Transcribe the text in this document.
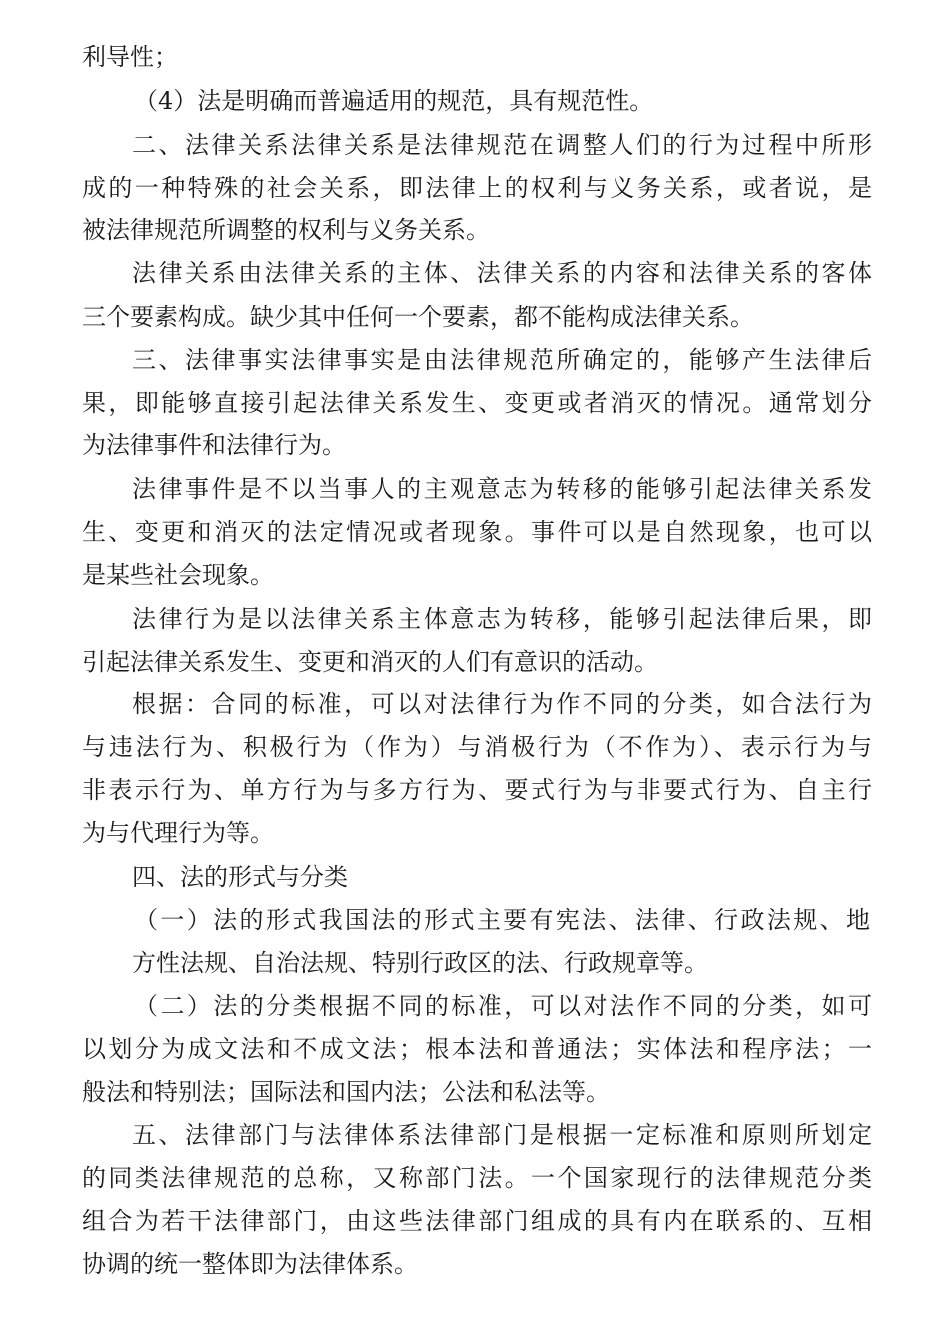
利导性；
（4）法是明确而普遍适用的规范，具有规范性。
二、法律关系法律关系是法律规范在调整人们的行为过程中所形
成的一种特殊的社会关系，即法律上的权利与义务关系，或者说，是
被法律规范所调整的权利与义务关系。
法律关系由法律关系的主体、法律关系的内容和法律关系的客体
三个要素构成。缺少其中任何一个要素，都不能构成法律关系。
三、法律事实法律事实是由法律规范所确定的，能够产生法律后
果，即能够直接引起法律关系发生、变更或者消灭的情况。通常划分
为法律事件和法律行为。
法律事件是不以当事人的主观意志为转移的能够引起法律关系发
生、变更和消灭的法定情况或者现象。事件可以是自然现象，也可以
是某些社会现象。
法律行为是以法律关系主体意志为转移，能够引起法律后果，即
引起法律关系发生、变更和消灭的人们有意识的活动。
根据：合同的标准，可以对法律行为作不同的分类，如合法行为
与违法行为、积极行为（作为）与消极行为（不作为）、表示行为与
非表示行为、单方行为与多方行为、要式行为与非要式行为、自主行
为与代理行为等。
四、法的形式与分类
（一）法的形式我国法的形式主要有宪法、法律、行政法规、地
方性法规、自治法规、特别行政区的法、行政规章等。
（二）法的分类根据不同的标准，可以对法作不同的分类，如可
以划分为成文法和不成文法；根本法和普通法；实体法和程序法；一
般法和特别法；国际法和国内法；公法和私法等。
五、法律部门与法律体系法律部门是根据一定标准和原则所划定
的同类法律规范的总称，又称部门法。一个国家现行的法律规范分类
组合为若干法律部门，由这些法律部门组成的具有内在联系的、互相
协调的统一整体即为法律体系。
